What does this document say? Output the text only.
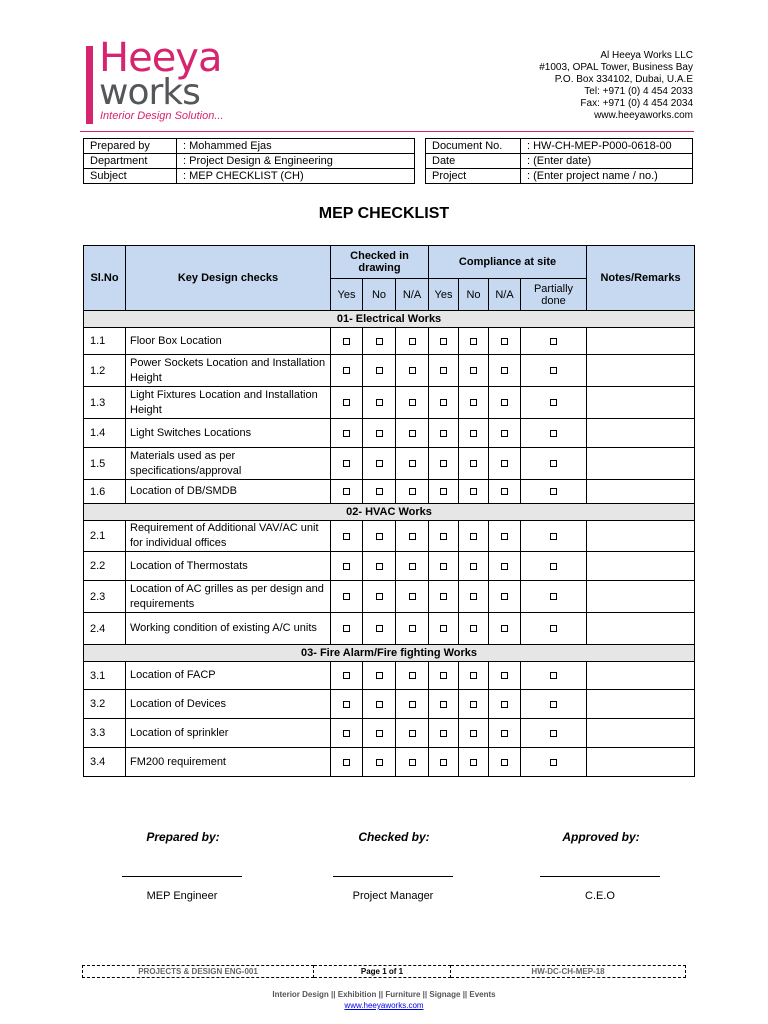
Heeya
works
Interior Design Solution...
Al Heeya Works LLC
#1003, OPAL Tower, Business Bay
P.O. Box 334102, Dubai, U.A.E
Tel: +971 (0) 4 454 2033
Fax: +971 (0) 4 454 2034
www.heeyaworks.com
Prepared by	: Mohammed Ejas		Document No.	: HW-CH-MEP-P000-0618-00
Department	: Project Design & Engineering		Date	: (Enter date)
Subject	: MEP CHECKLIST (CH)		Project	: (Enter project name / no.)
MEP CHECKLIST
Sl.No	Key Design checks	Checked in drawing			Compliance at site				Notes/Remarks
		Yes	No	N/A	Yes	No	N/A	Partially done	
01- Electrical Works									
1.1	Floor Box Location								
1.2	Power Sockets Location and Installation Height								
1.3	Light Fixtures Location and Installation Height								
1.4	Light Switches Locations								
1.5	Materials used as per specifications/approval								
1.6	Location of DB/SMDB								
02- HVAC Works									
2.1	Requirement of Additional VAV/AC unit for individual offices								
2.2	Location of Thermostats								
2.3	Location of AC grilles as per design and requirements								
2.4	Working condition of existing A/C units								
03- Fire Alarm/Fire fighting Works									
3.1	Location of FACP								
3.2	Location of Devices								
3.3	Location of sprinkler								
3.4	FM200 requirement								
Prepared by:	Checked by:	Approved by:
MEP Engineer	Project Manager	C.E.O
PROJECTS & DESIGN ENG-001	Page 1 of 1	HW-DC-CH-MEP-18
Interior Design || Exhibition || Furniture || Signage || Events
www.heeyaworks.com
